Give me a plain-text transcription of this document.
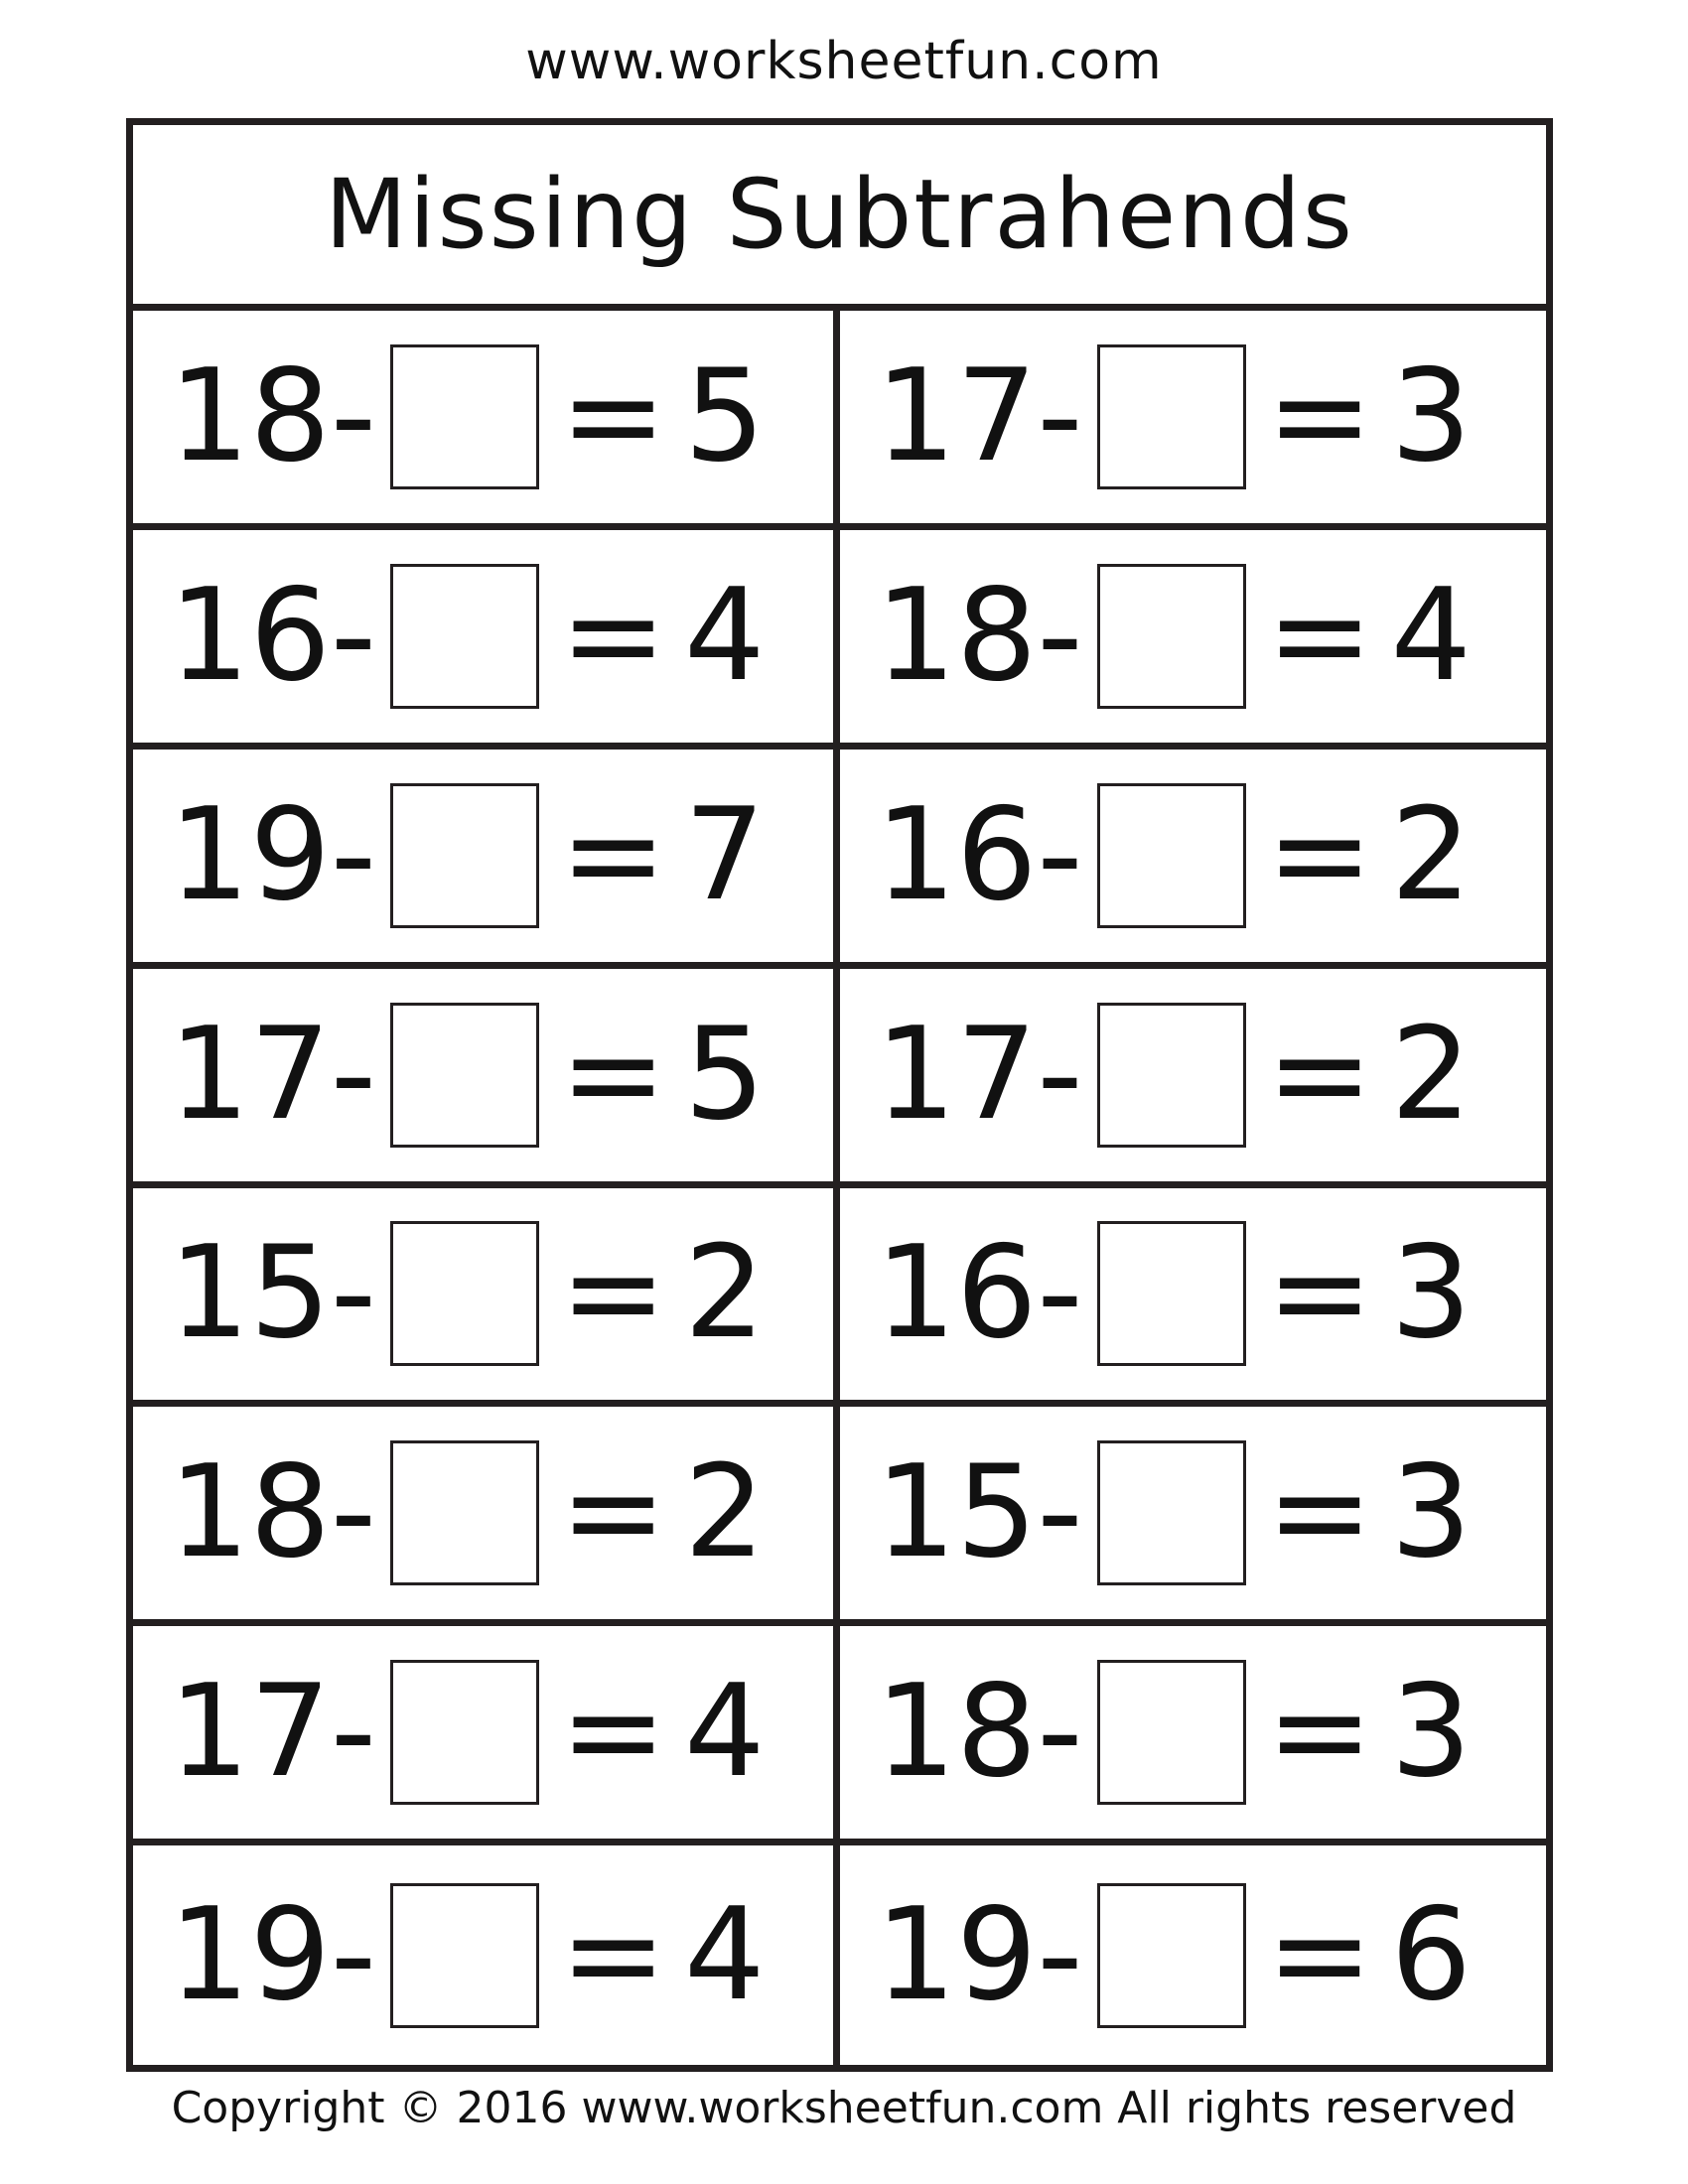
www.worksheetfun.com
Missing Subtrahends
18- = 5 17- = 3
16- = 4 18- = 4
19- = 7 16- = 2
17- = 5 17- = 2
15- = 2 16- = 3
18- = 2 15- = 3
17- = 4 18- = 3
19- = 4 19- = 6
Copyright © 2016 www.worksheetfun.com All rights reserved
